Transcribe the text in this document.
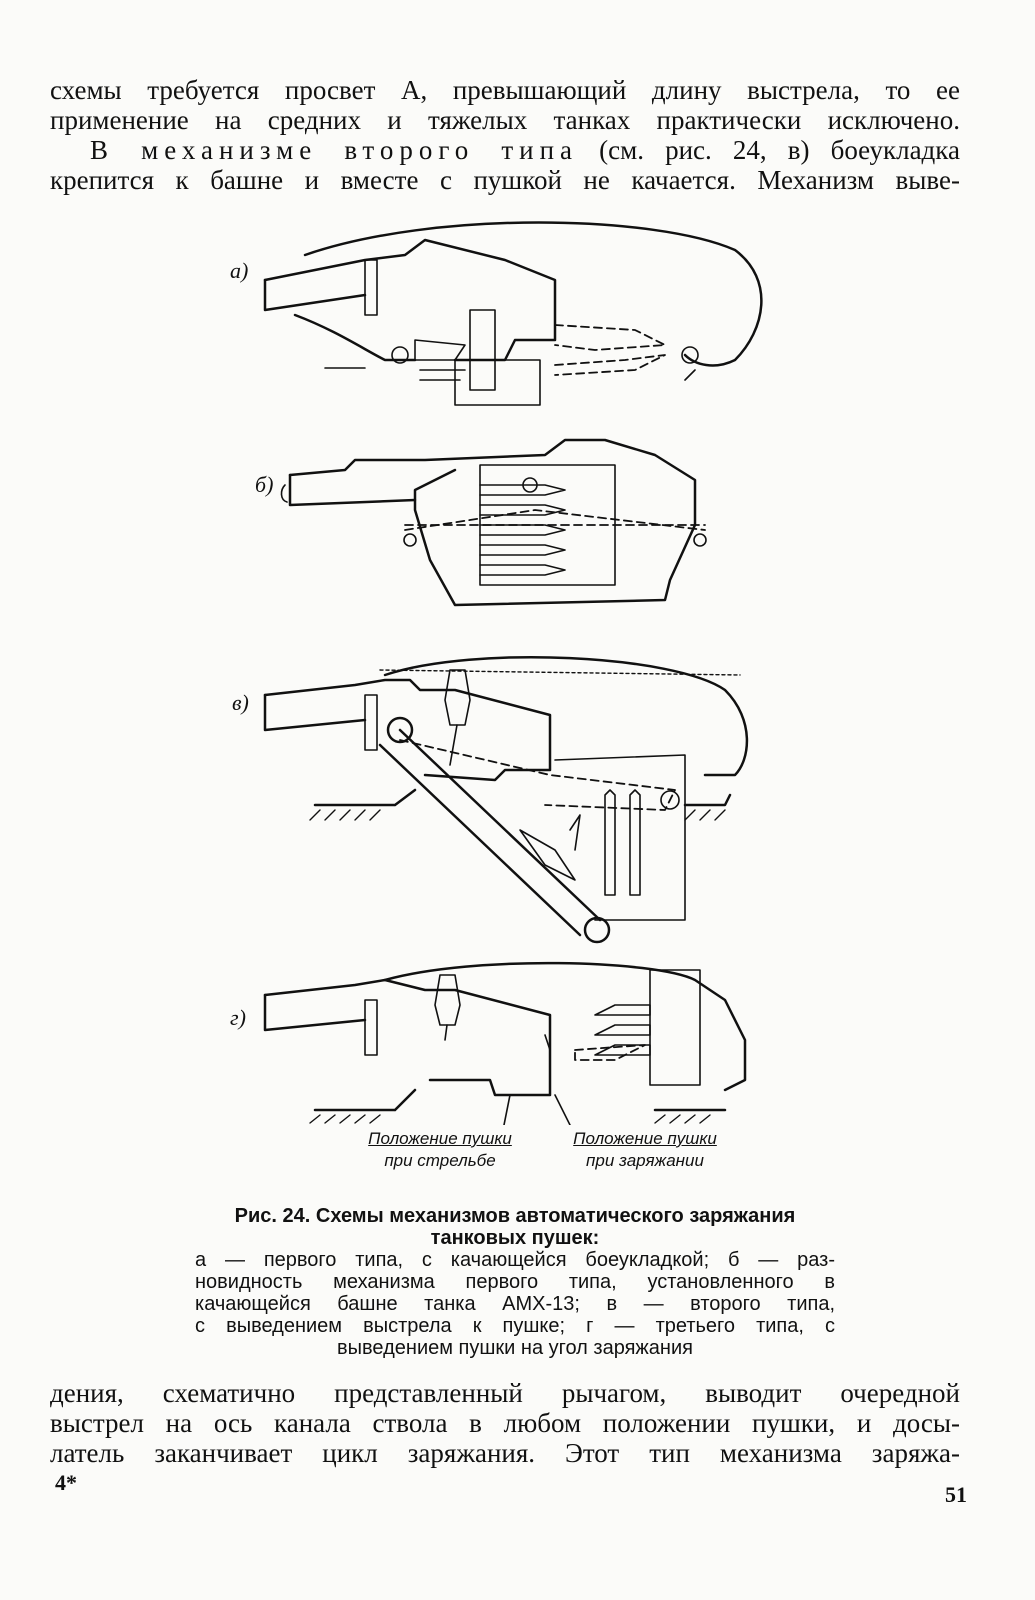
схемы требуется просвет А, превышающий длину выстрела, то ее

применение на средних и тяжелых танках практически исключено.

В механизме второго типа (см. рис. 24, в) боеукладка

крепится к башне и вместе с пушкой не качается. Механизм выве-

а)
б)
в)
г)
Положение пушки
при стрельбе
Положение пушки
при заряжании
Рис. 24. Схемы механизмов автоматического заряжания
танковых пушек:
а — первого типа, с качающейся боеукладкой; б — раз-
новидность механизма первого типа, установленного в
качающейся башне танка АМХ-13; в — второго типа,
с выведением выстрела к пушке; г — третьего типа, с
выведением пушки на угол заряжания

дения, схематично представленный рычагом, выводит очередной

выстрел на ось канала ствола в любом положении пушки, и досы-

латель заканчивает цикл заряжания. Этот тип механизма заряжа-

4*	51
